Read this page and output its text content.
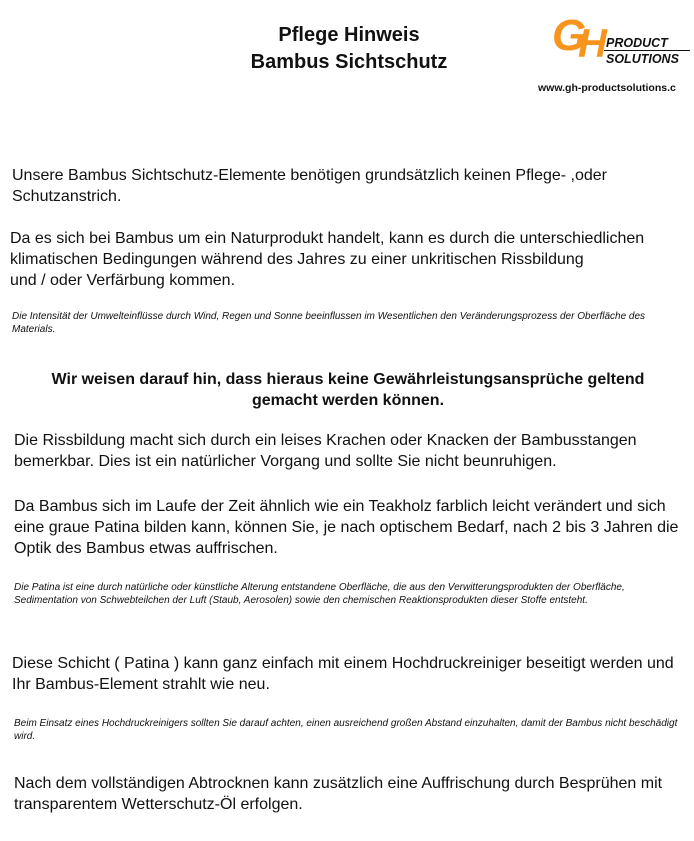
Pflege Hinweis
Bambus Sichtschutz
G
H PRODUCT
SOLUTIONS
www.gh-productsolutions.c

Unsere Bambus Sichtschutz-Elemente benötigen grundsätzlich keinen Pflege- ,oder Schutzanstrich.

Da es sich bei Bambus um ein Naturprodukt handelt, kann es durch die unterschiedlichen
klimatischen Bedingungen während des Jahres zu einer unkritischen Rissbildung
und / oder Verfärbung kommen.

Die Intensität der Umwelteinflüsse durch Wind, Regen und Sonne beeinflussen im Wesentlichen den Veränderungsprozess der Oberfläche des Materials.

Wir weisen darauf hin, dass hieraus keine Gewährleistungsansprüche geltend
gemacht werden können.

Die Rissbildung macht sich durch ein leises Krachen oder Knacken der Bambusstangen bemerkbar. Dies ist ein natürlicher Vorgang und sollte Sie nicht beunruhigen.

Da Bambus sich im Laufe der Zeit ähnlich wie ein Teakholz farblich leicht verändert und sich eine graue Patina bilden kann, können Sie, je nach optischem Bedarf, nach 2 bis 3 Jahren die Optik des Bambus etwas auffrischen.

Die Patina ist eine durch natürliche oder künstliche Alterung entstandene Oberfläche, die aus den Verwitterungsprodukten der Oberfläche, Sedimentation von Schwebteilchen der Luft (Staub, Aerosolen) sowie den chemischen Reaktionsprodukten dieser Stoffe entsteht.

Diese Schicht ( Patina ) kann ganz einfach mit einem Hochdruckreiniger beseitigt werden und Ihr Bambus-Element strahlt wie neu.

Beim Einsatz eines Hochdruckreinigers sollten Sie darauf achten, einen ausreichend großen Abstand einzuhalten, damit der Bambus nicht beschädigt wird.

Nach dem vollständigen Abtrocknen kann zusätzlich eine Auffrischung durch Besprühen mit transparentem Wetterschutz-Öl erfolgen.
